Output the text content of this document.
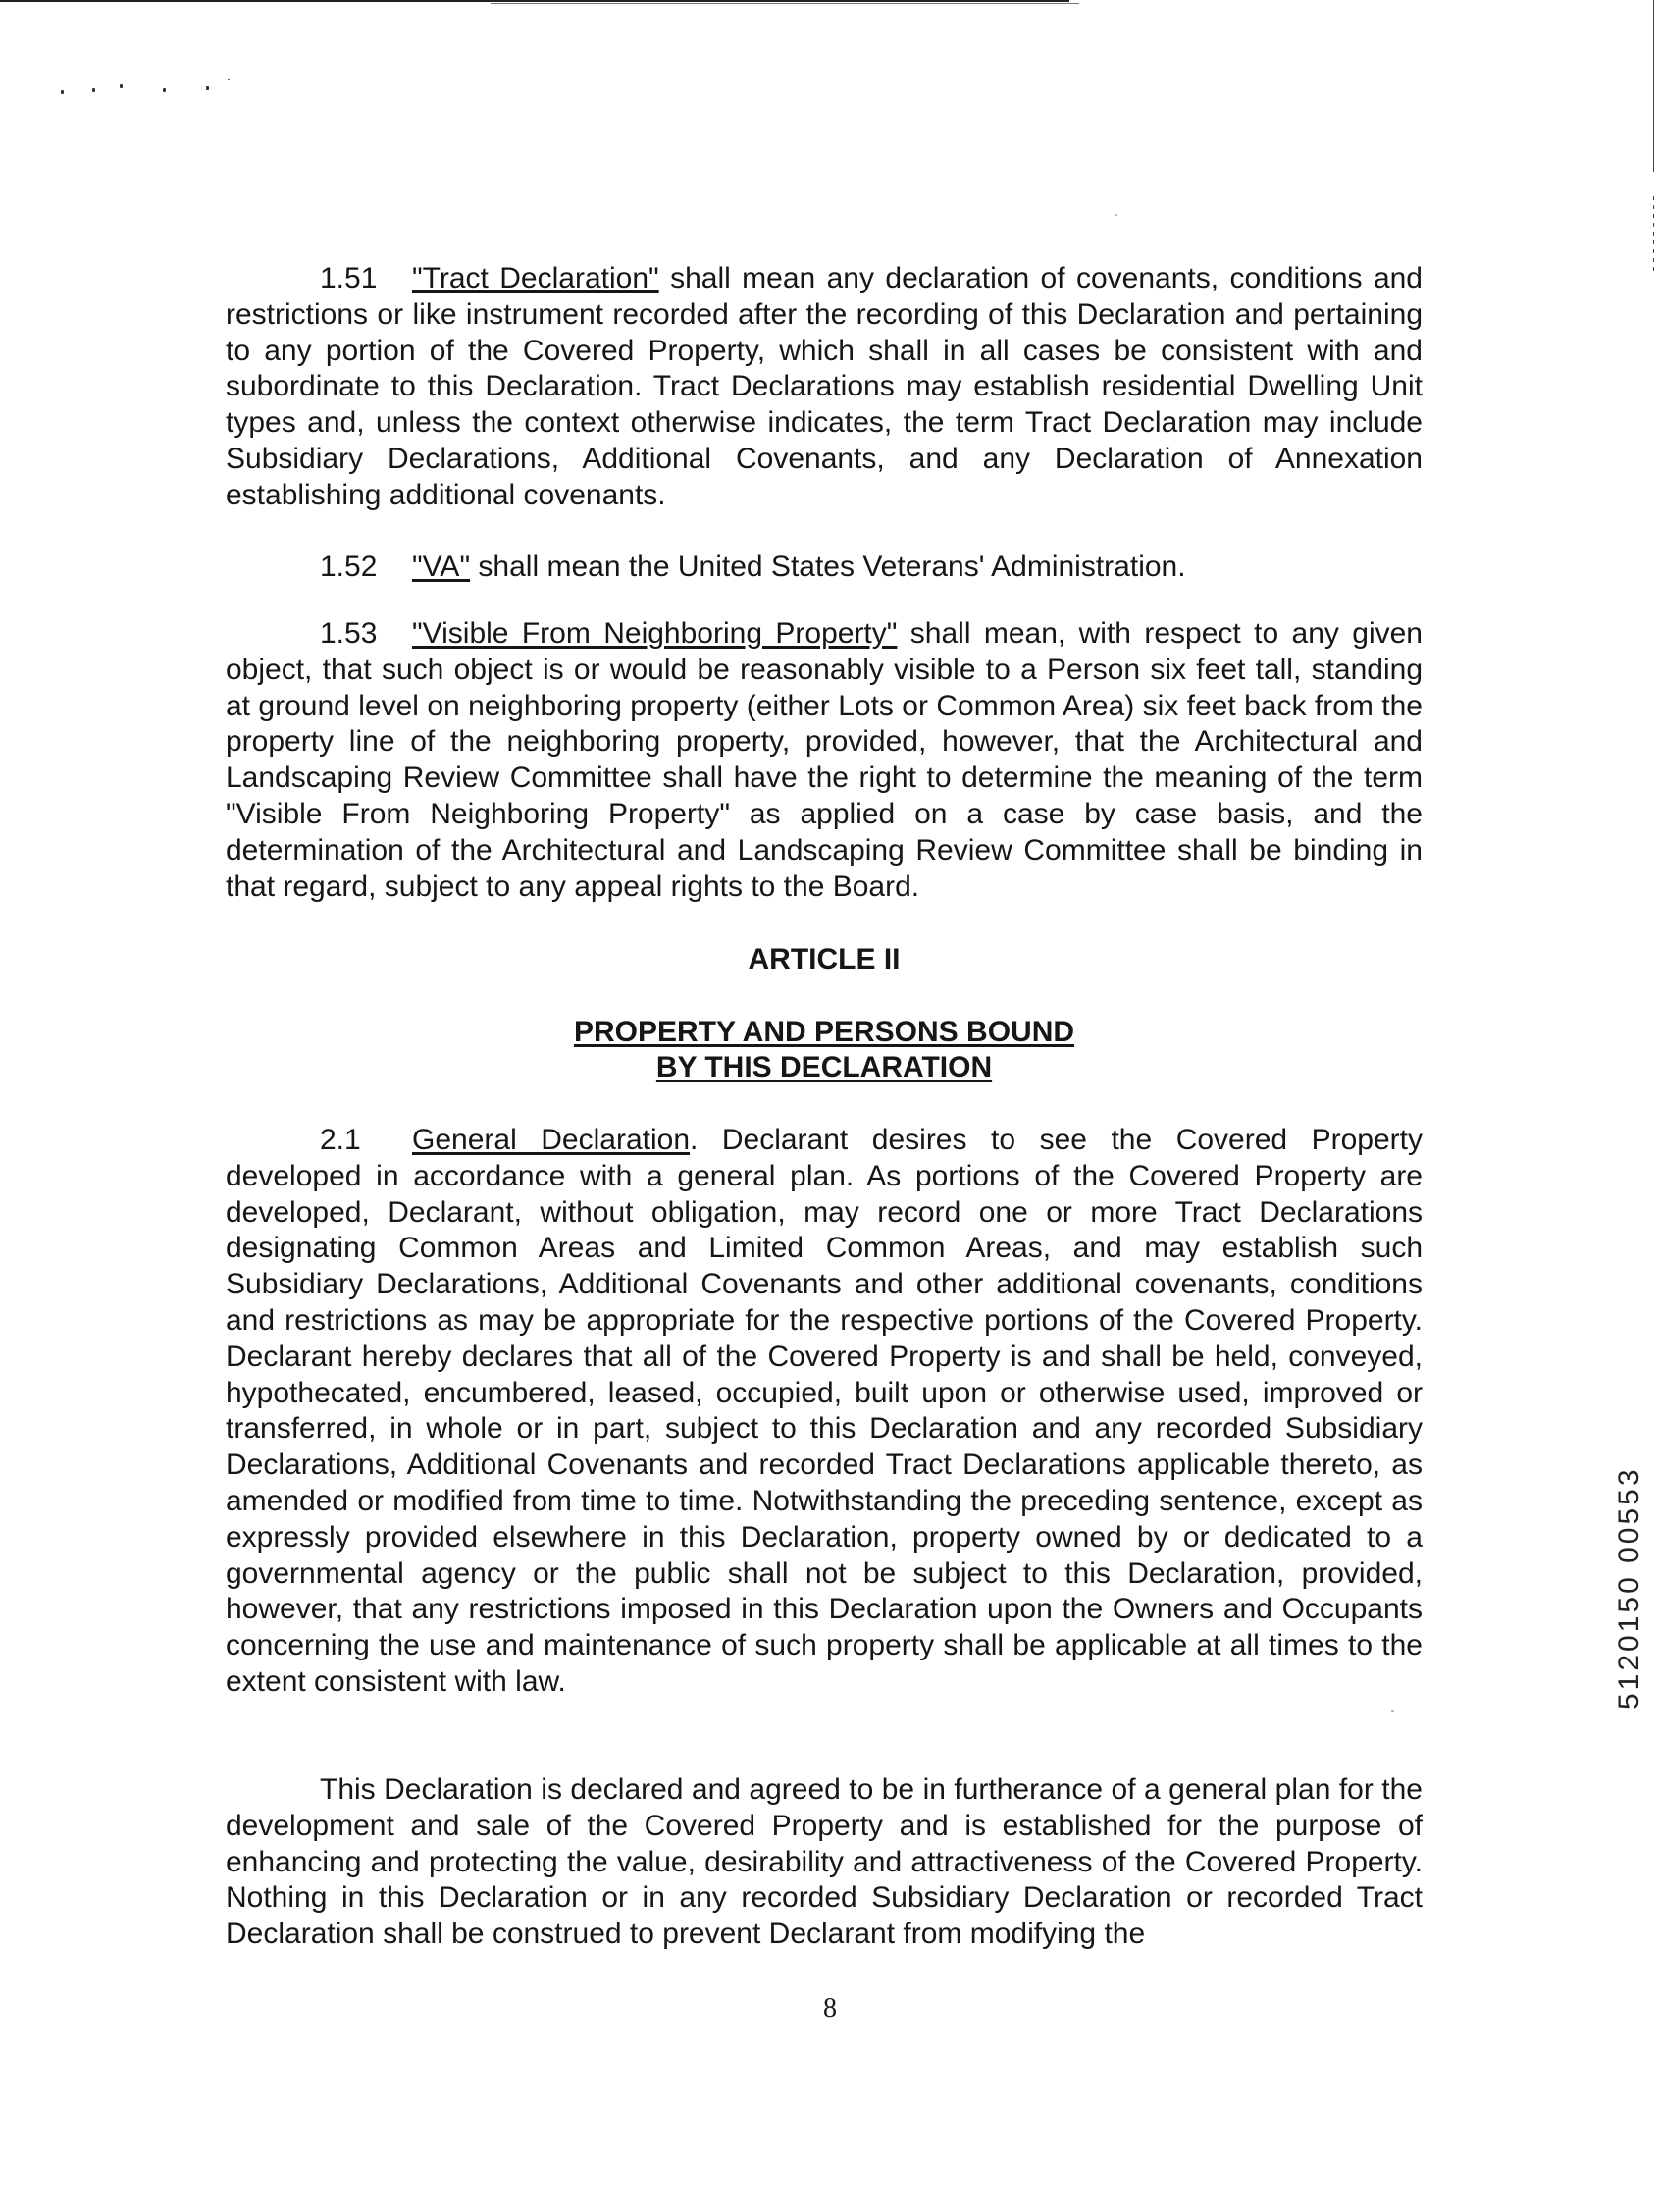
1.51 "Tract Declaration" shall mean any declaration of covenants, conditions and restrictions or like instrument recorded after the recording of this Declaration and pertaining to any portion of the Covered Property, which shall in all cases be consistent with and subordinate to this Declaration. Tract Declarations may establish residential Dwelling Unit types and, unless the context otherwise indicates, the term Tract Declaration may include Subsidiary Declarations, Additional Covenants, and any Declaration of Annexation establishing additional covenants.

1.52 "VA" shall mean the United States Veterans' Administration.

1.53 "Visible From Neighboring Property" shall mean, with respect to any given object, that such object is or would be reasonably visible to a Person six feet tall, standing at ground level on neighboring property (either Lots or Common Area) six feet back from the property line of the neighboring property, provided, however, that the Architectural and Landscaping Review Committee shall have the right to determine the meaning of the term "Visible From Neighboring Property" as applied on a case by case basis, and the determination of the Architectural and Landscaping Review Committee shall be binding in that regard, subject to any appeal rights to the Board.

ARTICLE II

PROPERTY AND PERSONS BOUND

BY THIS DECLARATION

2.1 General Declaration. Declarant desires to see the Covered Property developed in accordance with a general plan. As portions of the Covered Property are developed, Declarant, without obligation, may record one or more Tract Declarations designating Common Areas and Limited Common Areas, and may establish such Subsidiary Declarations, Additional Covenants and other additional covenants, conditions and restrictions as may be appropriate for the respective portions of the Covered Property. Declarant hereby declares that all of the Covered Property is and shall be held, conveyed, hypothecated, encumbered, leased, occupied, built upon or otherwise used, improved or transferred, in whole or in part, subject to this Declaration and any recorded Subsidiary Declarations, Additional Covenants and recorded Tract Declarations applicable thereto, as amended or modified from time to time. Notwithstanding the preceding sentence, except as expressly provided elsewhere in this Declaration, property owned by or dedicated to a governmental agency or the public shall not be subject to this Declaration, provided, however, that any restrictions imposed in this Declaration upon the Owners and Occupants concerning the use and maintenance of such property shall be applicable at all times to the extent consistent with law.

This Declaration is declared and agreed to be in furtherance of a general plan for the development and sale of the Covered Property and is established for the purpose of enhancing and protecting the value, desirability and attractiveness of the Covered Property. Nothing in this Declaration or in any recorded Subsidiary Declaration or recorded Tract Declaration shall be construed to prevent Declarant from modifying the

8
5120150 00553
